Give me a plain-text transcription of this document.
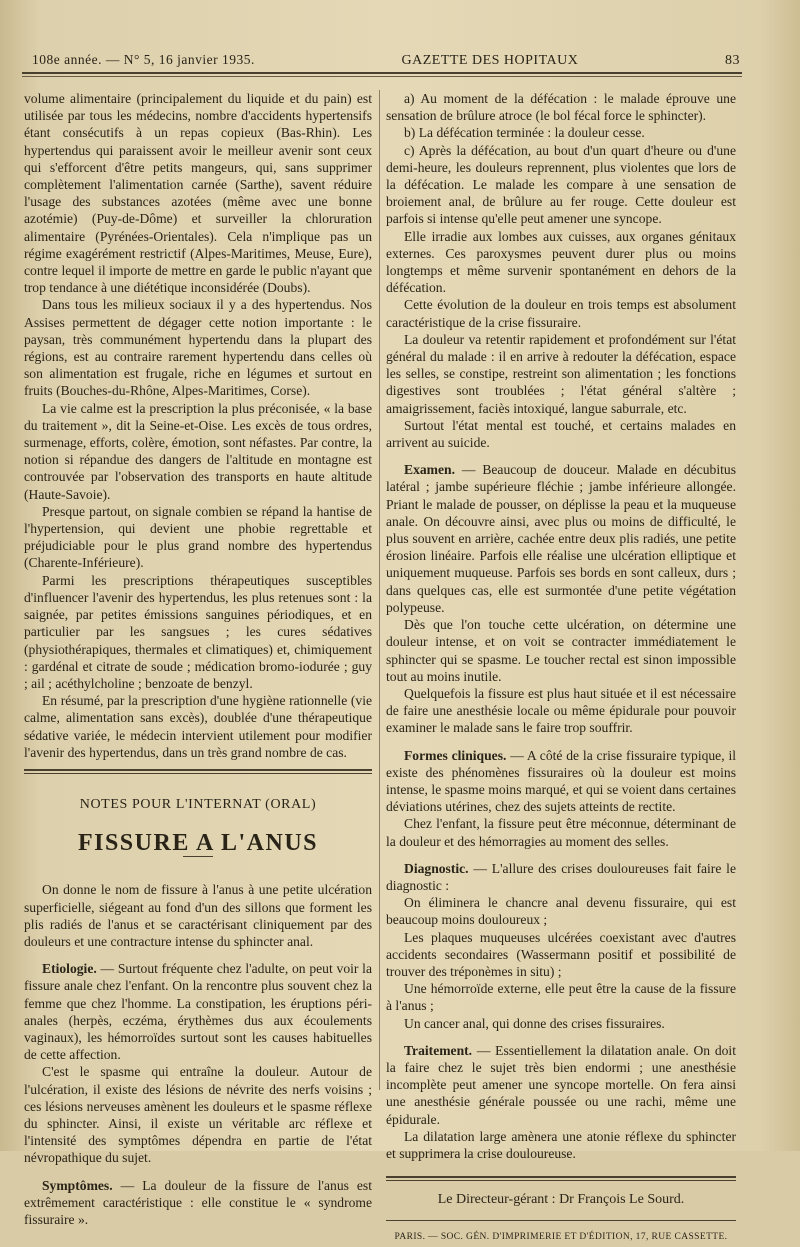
108e année. — N° 5, 16 janvier 1935.	GAZETTE DES HOPITAUX	83

volume alimentaire (principalement du liquide et du pain) est utilisée par tous les médecins, nombre d'accidents hypertensifs étant consécutifs à un repas copieux (Bas-Rhin). Les hypertendus qui paraissent avoir le meilleur avenir sont ceux qui s'efforcent d'être petits mangeurs, qui, sans supprimer complètement l'alimentation carnée (Sarthe), savent réduire l'usage des substances azotées (même avec une bonne azotémie) (Puy-de-Dôme) et surveiller la chloruration alimentaire (Pyrénées-Orientales). Cela n'implique pas un régime exagérément restrictif (Alpes-Maritimes, Meuse, Eure), contre lequel il importe de mettre en garde le public n'ayant que trop tendance à une diététique inconsidérée (Doubs).

Dans tous les milieux sociaux il y a des hypertendus. Nos Assises permettent de dégager cette notion importante : le paysan, très communément hypertendu dans la plupart des régions, est au contraire rarement hypertendu dans celles où son alimentation est frugale, riche en légumes et surtout en fruits (Bouches-du-Rhône, Alpes-Maritimes, Corse).

La vie calme est la prescription la plus préconisée, « la base du traitement », dit la Seine-et-Oise. Les excès de tous ordres, surmenage, efforts, colère, émotion, sont néfastes. Par contre, la notion si répandue des dangers de l'altitude en montagne est controuvée par l'observation des transports en haute altitude (Haute-Savoie).

Presque partout, on signale combien se répand la hantise de l'hypertension, qui devient une phobie regrettable et préjudiciable pour le plus grand nombre des hypertendus (Charente-Inférieure).

Parmi les prescriptions thérapeutiques susceptibles d'influencer l'avenir des hypertendus, les plus retenues sont : la saignée, par petites émissions sanguines périodiques, et en particulier par les sangsues ; les cures sédatives (physiothérapiques, thermales et climatiques) et, chimiquement : gardénal et citrate de soude ; médication bromo-iodurée ; guy ; ail ; acéthylcholine ; benzoate de benzyl.

En résumé, par la prescription d'une hygiène rationnelle (vie calme, alimentation sans excès), doublée d'une thérapeutique sédative variée, le médecin intervient utilement pour modifier l'avenir des hypertendus, dans un très grand nombre de cas.

NOTES POUR L'INTERNAT (ORAL)
FISSURE A L'ANUS

On donne le nom de fissure à l'anus à une petite ulcération superficielle, siégeant au fond d'un des sillons que forment les plis radiés de l'anus et se caractérisant cliniquement par des douleurs et une contracture intense du sphincter anal.

Etiologie. — Surtout fréquente chez l'adulte, on peut voir la fissure anale chez l'enfant. On la rencontre plus souvent chez la femme que chez l'homme. La constipation, les éruptions péri-anales (herpès, eczéma, érythèmes dus aux écoulements vaginaux), les hémorroïdes surtout sont les causes habituelles de cette affection.

C'est le spasme qui entraîne la douleur. Autour de l'ulcération, il existe des lésions de névrite des nerfs voisins ; ces lésions nerveuses amènent les douleurs et le spasme réflexe du sphincter. Ainsi, il existe un véritable arc réflexe et l'intensité des symptômes dépendra en partie de l'état névropathique du sujet.

Symptômes. — La douleur de la fissure de l'anus est extrêmement caractéristique : elle constitue le « syndrome fissuraire ».

a) Au moment de la défécation : le malade éprouve une sensation de brûlure atroce (le bol fécal force le sphincter).

b) La défécation terminée : la douleur cesse.

c) Après la défécation, au bout d'un quart d'heure ou d'une demi-heure, les douleurs reprennent, plus violentes que lors de la défécation. Le malade les compare à une sensation de broiement anal, de brûlure au fer rouge. Cette douleur est parfois si intense qu'elle peut amener une syncope.

Elle irradie aux lombes aux cuisses, aux organes génitaux externes. Ces paroxysmes peuvent durer plus ou moins longtemps et même survenir spontanément en dehors de la défécation.

Cette évolution de la douleur en trois temps est absolument caractéristique de la crise fissuraire.

La douleur va retentir rapidement et profondément sur l'état général du malade : il en arrive à redouter la défécation, espace les selles, se constipe, restreint son alimentation ; les fonctions digestives sont troublées ; l'état général s'altère ; amaigrissement, faciès intoxiqué, langue saburrale, etc.

Surtout l'état mental est touché, et certains malades en arrivent au suicide.

Examen. — Beaucoup de douceur. Malade en décubitus latéral ; jambe supérieure fléchie ; jambe inférieure allongée. Priant le malade de pousser, on déplisse la peau et la muqueuse anale. On découvre ainsi, avec plus ou moins de difficulté, le plus souvent en arrière, cachée entre deux plis radiés, une petite érosion linéaire. Parfois elle réalise une ulcération elliptique et uniquement muqueuse. Parfois ses bords en sont calleux, durs ; dans quelques cas, elle est surmontée d'une petite végétation polypeuse.

Dès que l'on touche cette ulcération, on détermine une douleur intense, et on voit se contracter immédiatement le sphincter qui se spasme. Le toucher rectal est sinon impossible tout au moins inutile.

Quelquefois la fissure est plus haut située et il est nécessaire de faire une anesthésie locale ou même épidurale pour pouvoir examiner le malade sans le faire trop souffrir.

Formes cliniques. — A côté de la crise fissuraire typique, il existe des phénomènes fissuraires où la douleur est moins intense, le spasme moins marqué, et qui se voient dans certaines déviations utérines, chez des sujets atteints de rectite.

Chez l'enfant, la fissure peut être méconnue, déterminant de la douleur et des hémorragies au moment des selles.

Diagnostic. — L'allure des crises douloureuses fait faire le diagnostic :

On éliminera le chancre anal devenu fissuraire, qui est beaucoup moins douloureux ;

Les plaques muqueuses ulcérées coexistant avec d'autres accidents secondaires (Wassermann positif et possibilité de trouver des tréponèmes in situ) ;

Une hémorroïde externe, elle peut être la cause de la fissure à l'anus ;

Un cancer anal, qui donne des crises fissuraires.

Traitement. — Essentiellement la dilatation anale. On doit la faire chez le sujet très bien endormi ; une anesthésie incomplète peut amener une syncope mortelle. On fera ainsi une anesthésie générale poussée ou une rachi, même une épidurale.

La dilatation large amènera une atonie réflexe du sphincter et supprimera la crise douloureuse.

Le Directeur-gérant : Dr François Le Sourd.
PARIS. — SOC. GÉN. D'IMPRIMERIE ET D'ÉDITION, 17, RUE CASSETTE.
